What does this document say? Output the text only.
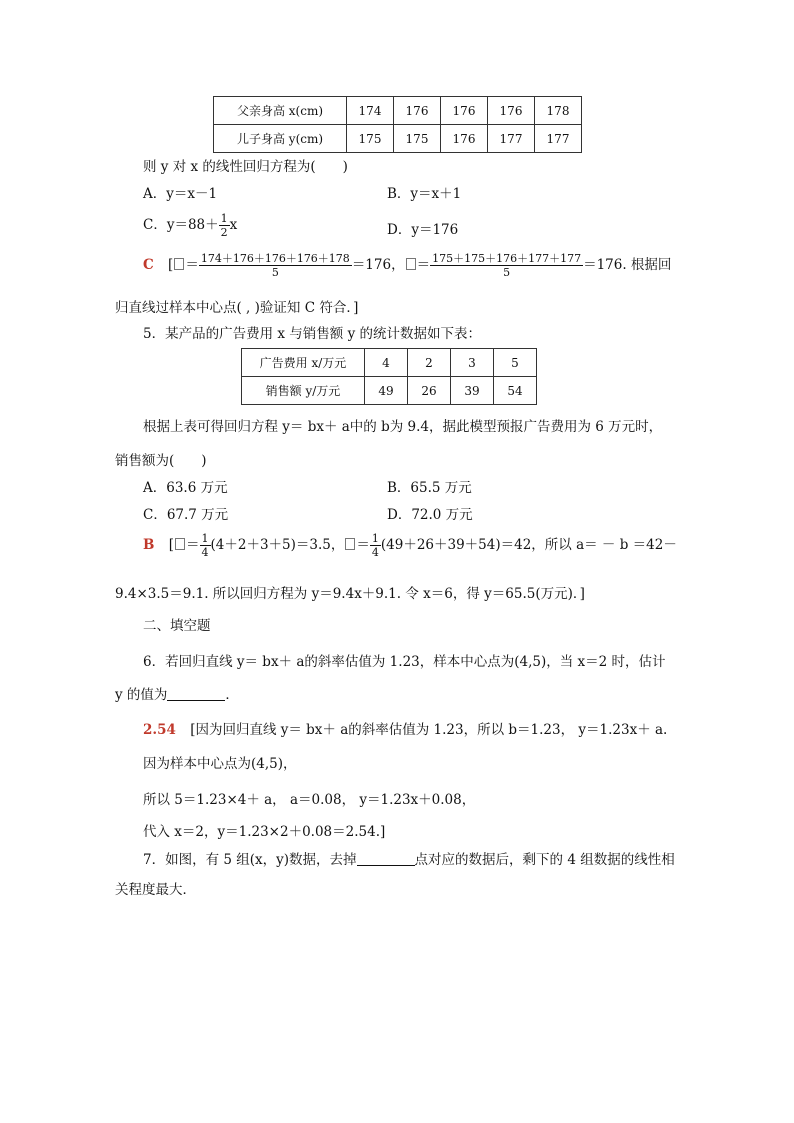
父亲身高 x(cm)	174	176	176	176	178
儿子身高 y(cm)	175	175	176	177	177
则 y 对 x 的线性回归方程为(　　)
A．y＝x－1	B．y＝x＋1
C．$y=88+ \frac{1}{2}$ x	D．y＝176
C [ ＝ $\frac{174+176+176+176+178}{5} =176$， ＝ $\frac{175+175+176+177+177}{5} =176$. 根据回
归直线过样本中心点( , )验证知 C 符合．]
5．某产品的广告费用 x 与销售额 y 的统计数据如下表：
广告费用 x/万元	4	2	3	5
销售额 y/万元	49	26	39	54
根据上表可得回归方程 y＝ bx＋ a中的 b为 9.4，据此模型预报广告费用为 6 万元时，
销售额为(　　)
A．63.6 万元	B．65.5 万元
C．67.7 万元	D．72.0 万元
B [ ＝ $\frac{1}{4} (4+2+3+5)=3.5$， ＝ $\frac{1}{4} (49+26+39+54)=42$，所以 a＝ － b ＝42－
9.4×3.5＝9.1. 所以回归方程为 y＝9.4x＋9.1. 令 x＝6，得 y＝65.5(万元)．]
二、填空题
6．若回归直线 y＝ bx＋ a的斜率估值为 1.23，样本中心点为(4,5)，当 x＝2 时，估计
y 的值为	．
2.54 [因为回归直线 y＝ bx＋ a的斜率估值为 1.23，所以 b＝1.23， y＝1.23x＋ a.
因为样本中心点为(4,5)，
所以 5＝1.23×4＋ a， a＝0.08， y＝1.23x＋0.08，
代入 x＝2，y＝1.23×2＋0.08＝2.54.]
7．如图，有 5 组(x，y)数据，去掉	点对应的数据后，剩下的 4 组数据的线性相
关程度最大．
